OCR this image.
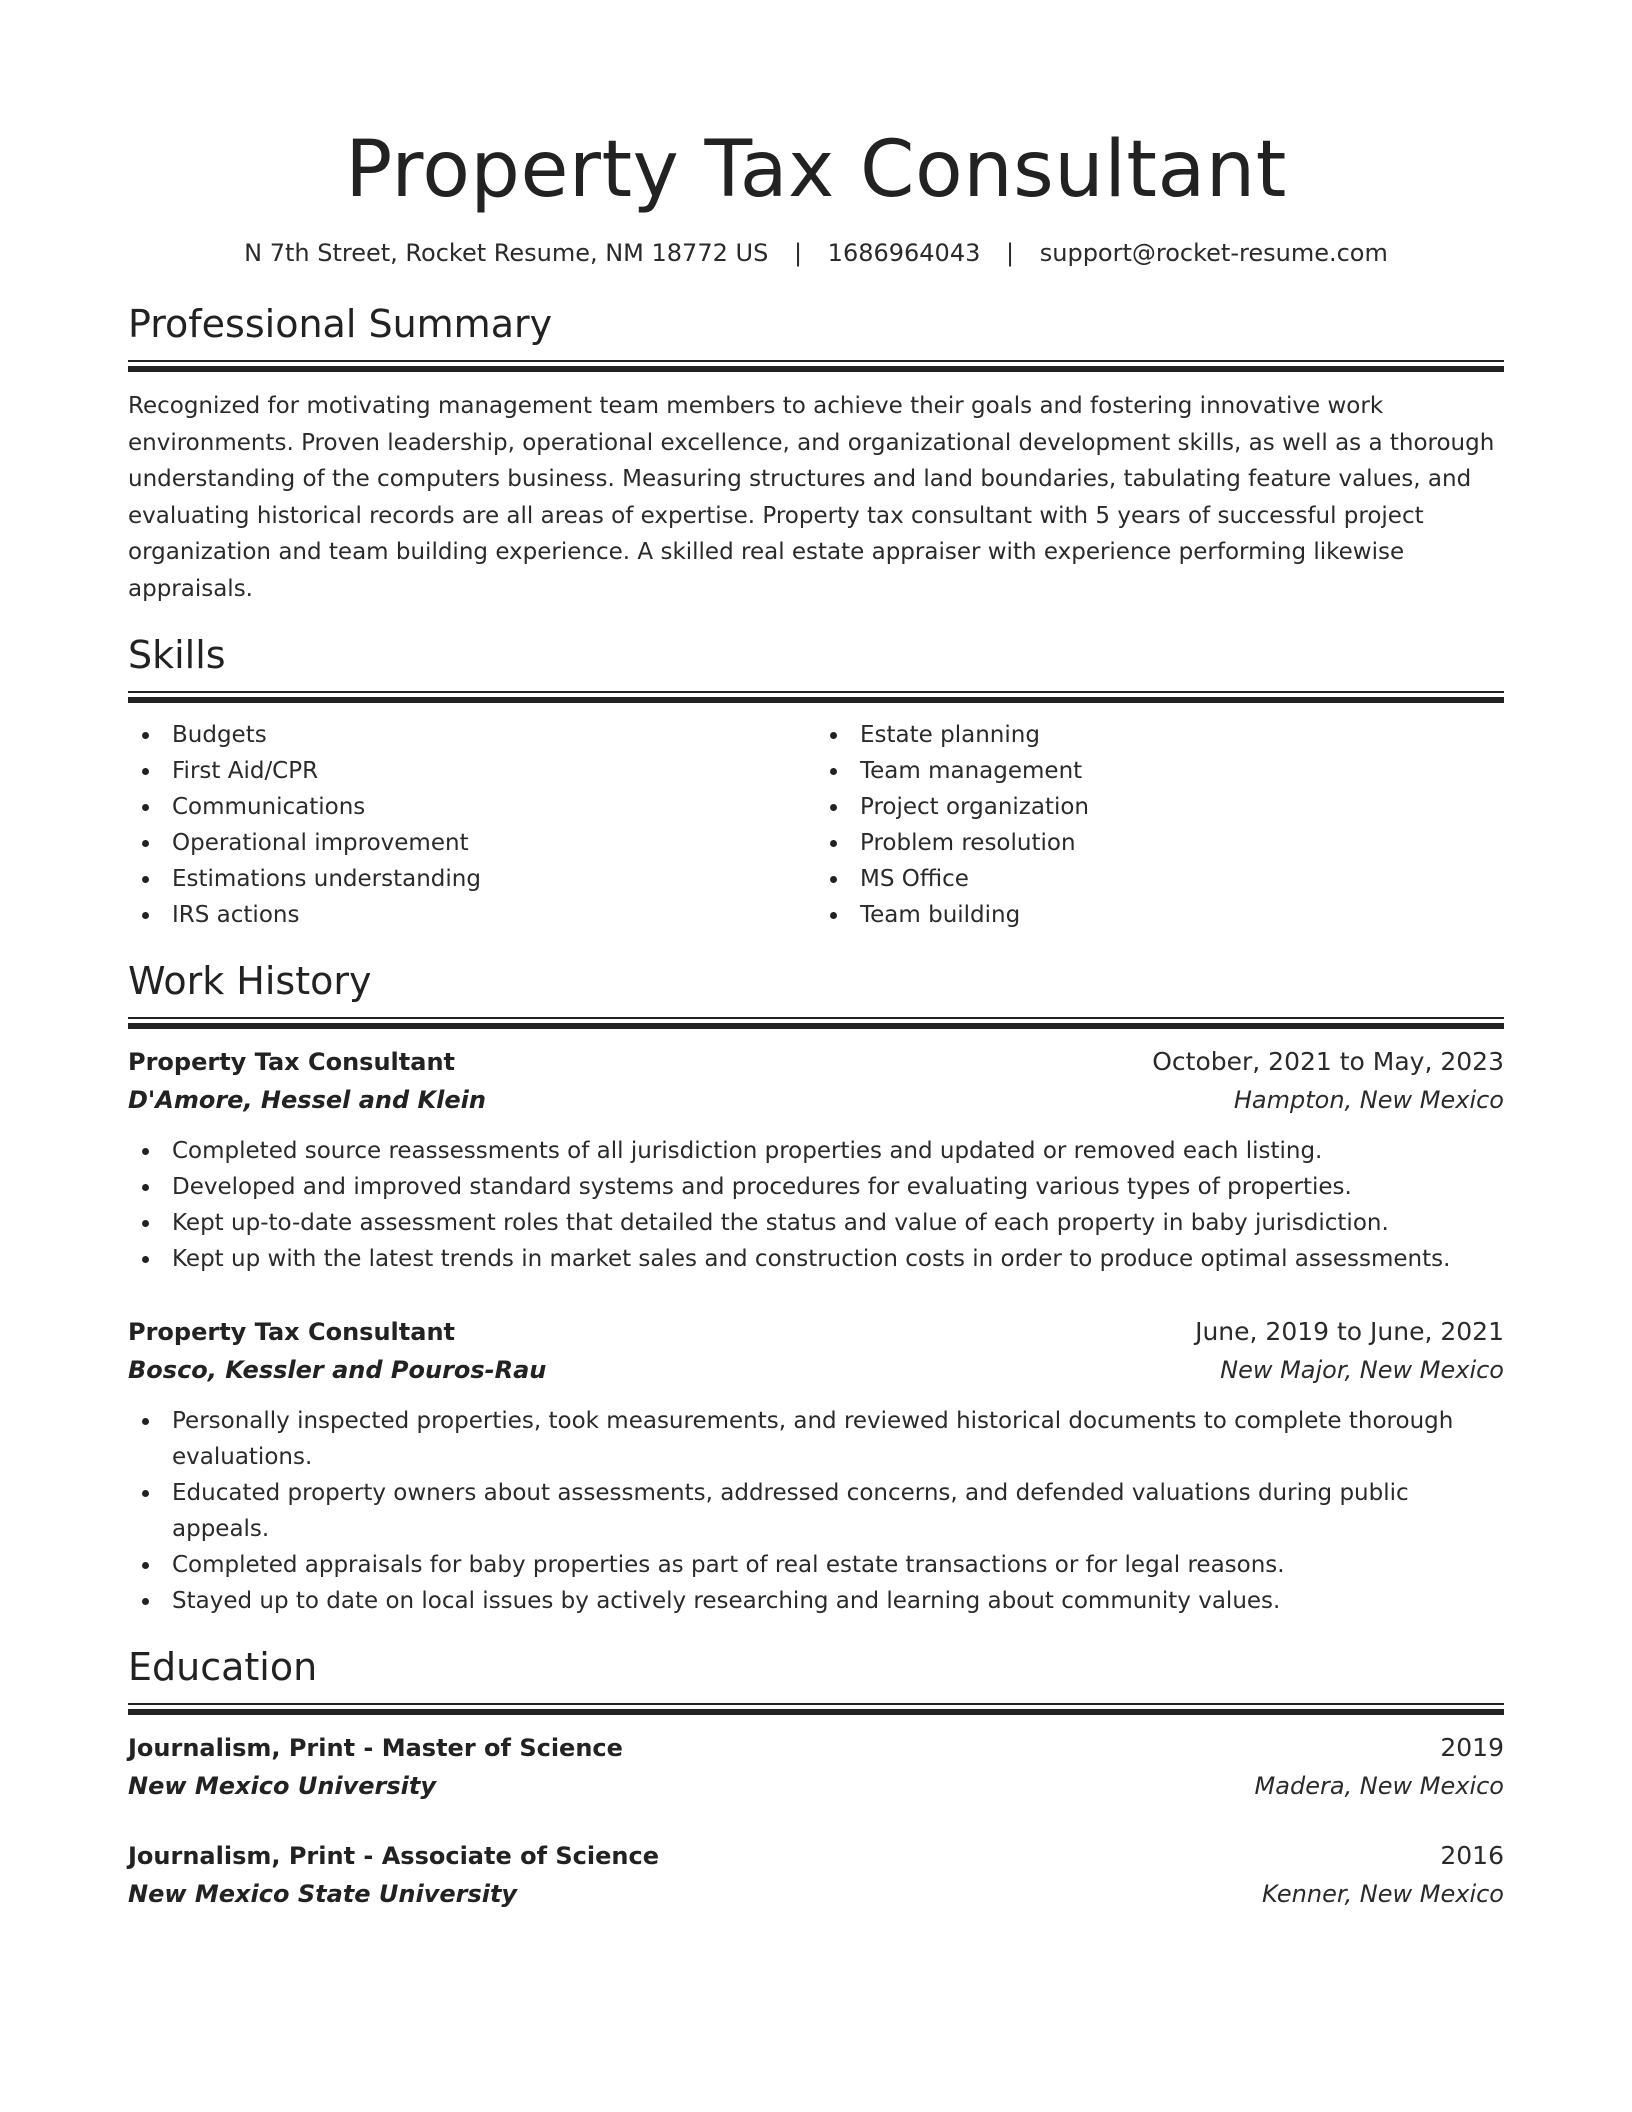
Property Tax Consultant
N 7th Street, Rocket Resume, NM 18772 US | 1686964043 | support@rocket-resume.com
Professional Summary
Recognized for motivating management team members to achieve their goals and fostering innovative work environments. Proven leadership, operational excellence, and organizational development skills, as well as a thorough understanding of the computers business. Measuring structures and land boundaries, tabulating feature values, and evaluating historical records are all areas of expertise. Property tax consultant with 5 years of successful project organization and team building experience. A skilled real estate appraiser with experience performing likewise appraisals.
Skills
Budgets
First Aid/CPR
Communications
Operational improvement
Estimations understanding
IRS actions
Estate planning
Team management
Project organization
Problem resolution
MS Office
Team building
Work History
Property Tax Consultant	October, 2021 to May, 2023
D'Amore, Hessel and Klein	Hampton, New Mexico
Completed source reassessments of all jurisdiction properties and updated or removed each listing.
Developed and improved standard systems and procedures for evaluating various types of properties.
Kept up-to-date assessment roles that detailed the status and value of each property in baby jurisdiction.
Kept up with the latest trends in market sales and construction costs in order to produce optimal assessments.
Property Tax Consultant	June, 2019 to June, 2021
Bosco, Kessler and Pouros-Rau	New Major, New Mexico
Personally inspected properties, took measurements, and reviewed historical documents to complete thorough evaluations.
Educated property owners about assessments, addressed concerns, and defended valuations during public appeals.
Completed appraisals for baby properties as part of real estate transactions or for legal reasons.
Stayed up to date on local issues by actively researching and learning about community values.
Education
Journalism, Print - Master of Science	2019
New Mexico University	Madera, New Mexico
Journalism, Print - Associate of Science	2016
New Mexico State University	Kenner, New Mexico
